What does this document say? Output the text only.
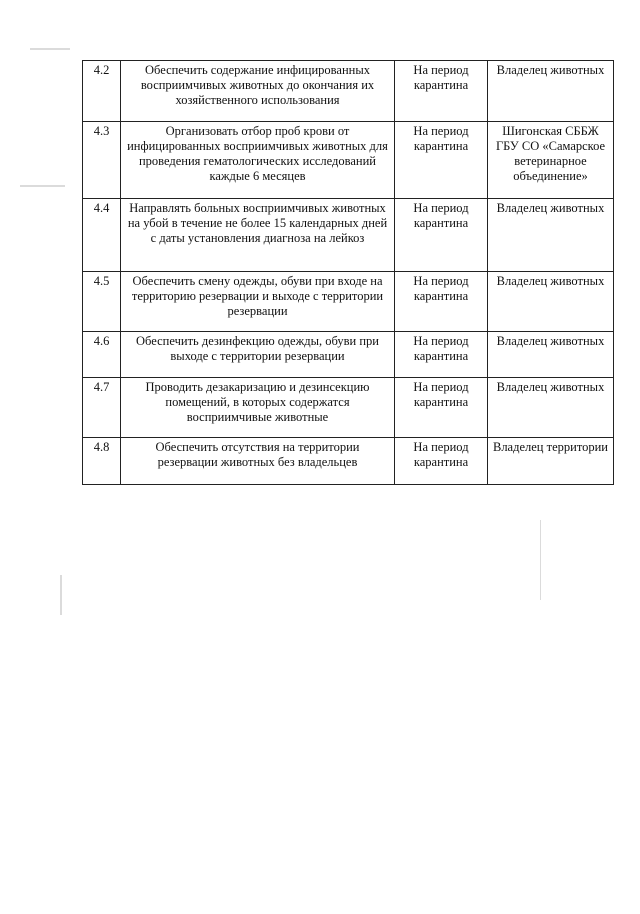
4.2	Обеспечить содержание инфицированных восприимчивых животных до окончания их хозяйственного использования	На период карантина	Владелец животных
4.3	Организовать отбор проб крови от инфицированных восприимчивых животных для проведения гематологических исследований каждые 6 месяцев	На период карантина	Шигонская СББЖ ГБУ СО «Самарское ветеринарное объединение»
4.4	Направлять больных восприимчивых животных на убой в течение не более 15 календарных дней с даты установления диагноза на лейкоз	На период карантина	Владелец животных
4.5	Обеспечить смену одежды, обуви при входе на территорию резервации и выходе с территории резервации	На период карантина	Владелец животных
4.6	Обеспечить дезинфекцию одежды, обуви при выходе с территории резервации	На период карантина	Владелец животных
4.7	Проводить дезакаризацию и дезинсекцию помещений, в которых содержатся восприимчивые животные	На период карантина	Владелец животных
4.8	Обеспечить отсутствия на территории резервации животных без владельцев	На период карантина	Владелец территории
